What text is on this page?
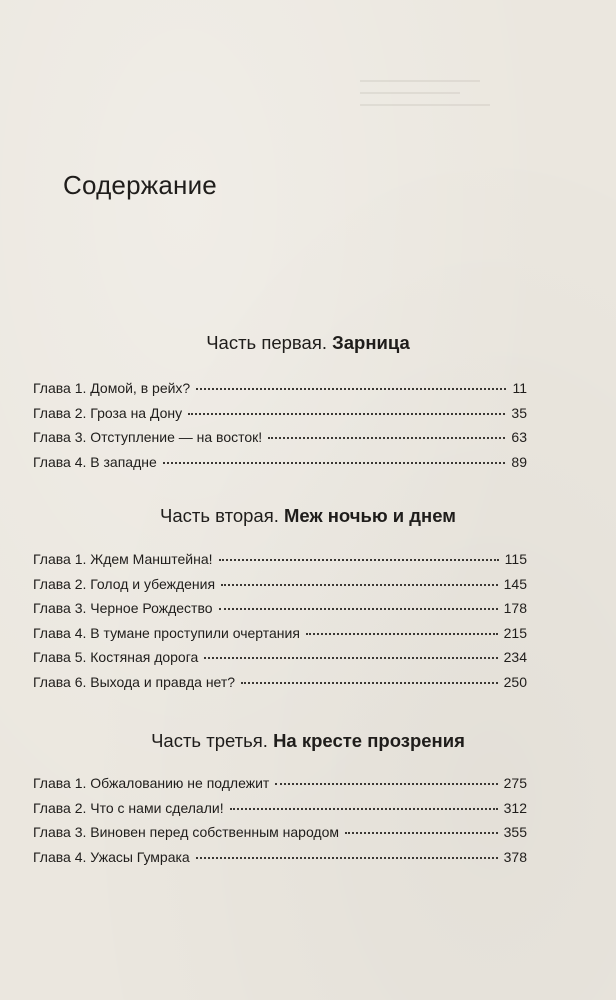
Содержание
Часть первая. Зарница
Глава 1. Домой, в рейх?	11
Глава 2. Гроза на Дону	35
Глава 3. Отступление — на восток!	63
Глава 4. В западне	89
Часть вторая. Меж ночью и днем
Глава 1. Ждем Манштейна!	115
Глава 2. Голод и убеждения	145
Глава 3. Черное Рождество	178
Глава 4. В тумане проступили очертания	215
Глава 5. Костяная дорога	234
Глава 6. Выхода и правда нет?	250
Часть третья. На кресте прозрения
Глава 1. Обжалованию не подлежит	275
Глава 2. Что с нами сделали!	312
Глава 3. Виновен перед собственным народом	355
Глава 4. Ужасы Гумрака	378
